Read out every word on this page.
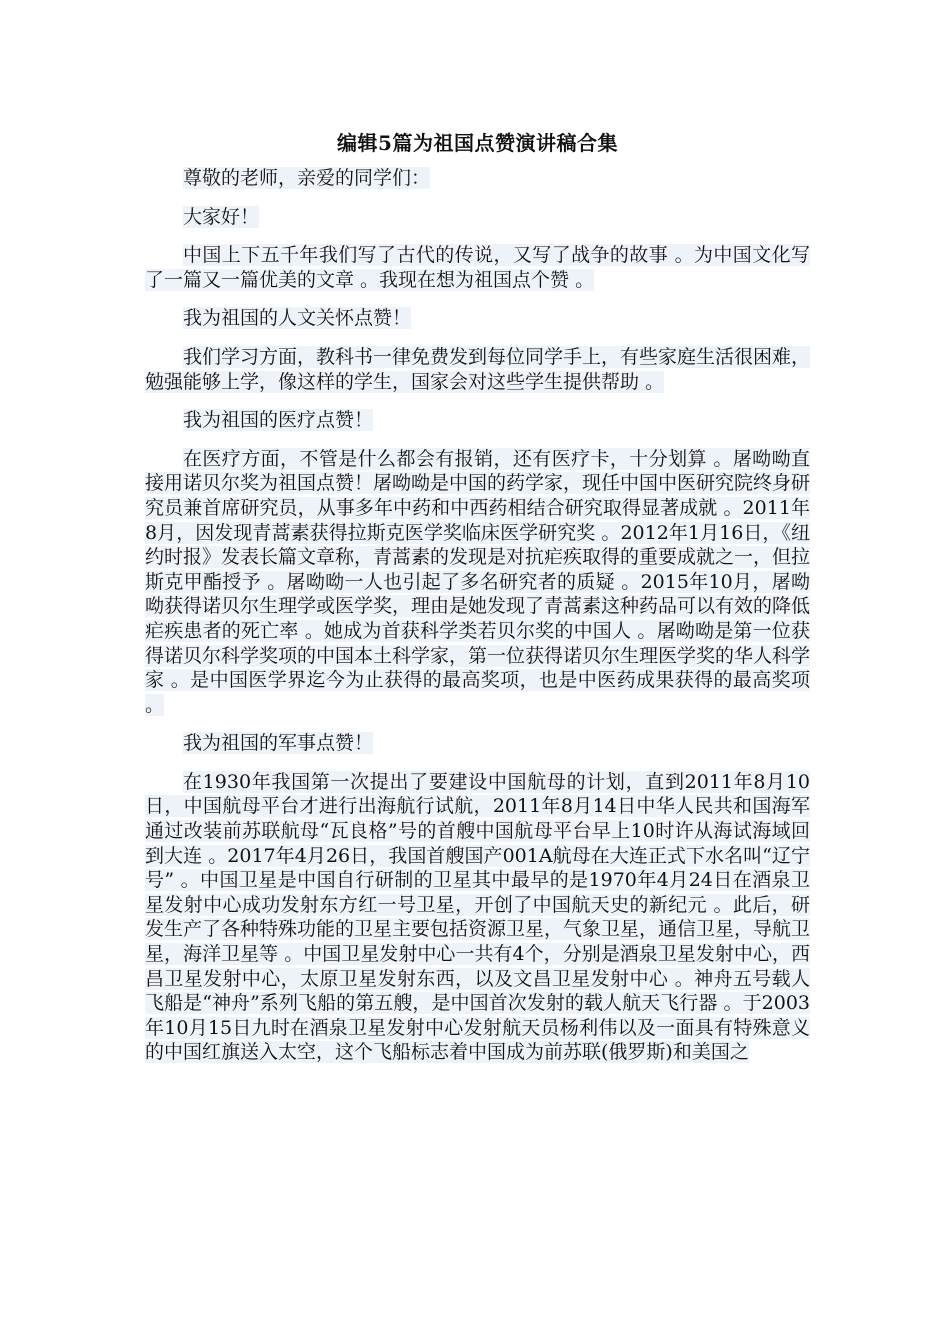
编辑5篇为祖国点赞演讲稿合集

尊敬的老师，亲爱的同学们：

大家好！

中国上下五千年我们写了古代的传说，又写了战争的故事 。为中国文化写了一篇又一篇优美的文章 。我现在想为祖国点个赞 。

我为祖国的人文关怀点赞！

我们学习方面，教科书一律免费发到每位同学手上，有些家庭生活很困难，勉强能够上学，像这样的学生，国家会对这些学生提供帮助 。

我为祖国的医疗点赞！

在医疗方面，不管是什么都会有报销，还有医疗卡，十分划算 。屠呦呦直接用诺贝尔奖为祖国点赞！屠呦呦是中国的药学家，现任中国中医研究院终身研究员兼首席研究员，从事多年中药和中西药相结合研究取得显著成就 。2011年8月，因发现青蒿素获得拉斯克医学奖临床医学研究奖 。2012年1月16日，《纽约时报》发表长篇文章称，青蒿素的发现是对抗疟疾取得的重要成就之一，但拉斯克甲酯授予 。屠呦呦一人也引起了多名研究者的质疑 。2015年10月，屠呦呦获得诺贝尔生理学或医学奖，理由是她发现了青蒿素这种药品可以有效的降低疟疾患者的死亡率 。她成为首获科学类若贝尔奖的中国人 。屠呦呦是第一位获得诺贝尔科学奖项的中国本土科学家，第一位获得诺贝尔生理医学奖的华人科学家 。是中国医学界迄今为止获得的最高奖项，也是中医药成果获得的最高奖项 。

我为祖国的军事点赞！

在1930年我国第一次提出了要建设中国航母的计划，直到2011年8月10日，中国航母平台才进行出海航行试航，2011年8月14日中华人民共和国海军通过改装前苏联航母“瓦良格”号的首艘中国航母平台早上10时许从海试海域回到大连 。2017年4月26日，我国首艘国产001A航母在大连正式下水名叫“辽宁号” 。中国卫星是中国自行研制的卫星其中最早的是1970年4月24日在酒泉卫星发射中心成功发射东方红一号卫星，开创了中国航天史的新纪元 。此后，研发生产了各种特殊功能的卫星主要包括资源卫星，气象卫星，通信卫星，导航卫星，海洋卫星等 。中国卫星发射中心一共有4个，分别是酒泉卫星发射中心，西昌卫星发射中心，太原卫星发射东西，以及文昌卫星发射中心 。神舟五号载人飞船是“神舟”系列飞船的第五艘，是中国首次发射的载人航天飞行器 。于2003年10月15日九时在酒泉卫星发射中心发射航天员杨利伟以及一面具有特殊意义的中国红旗送入太空，这个飞船标志着中国成为前苏联(俄罗斯)和美国之
